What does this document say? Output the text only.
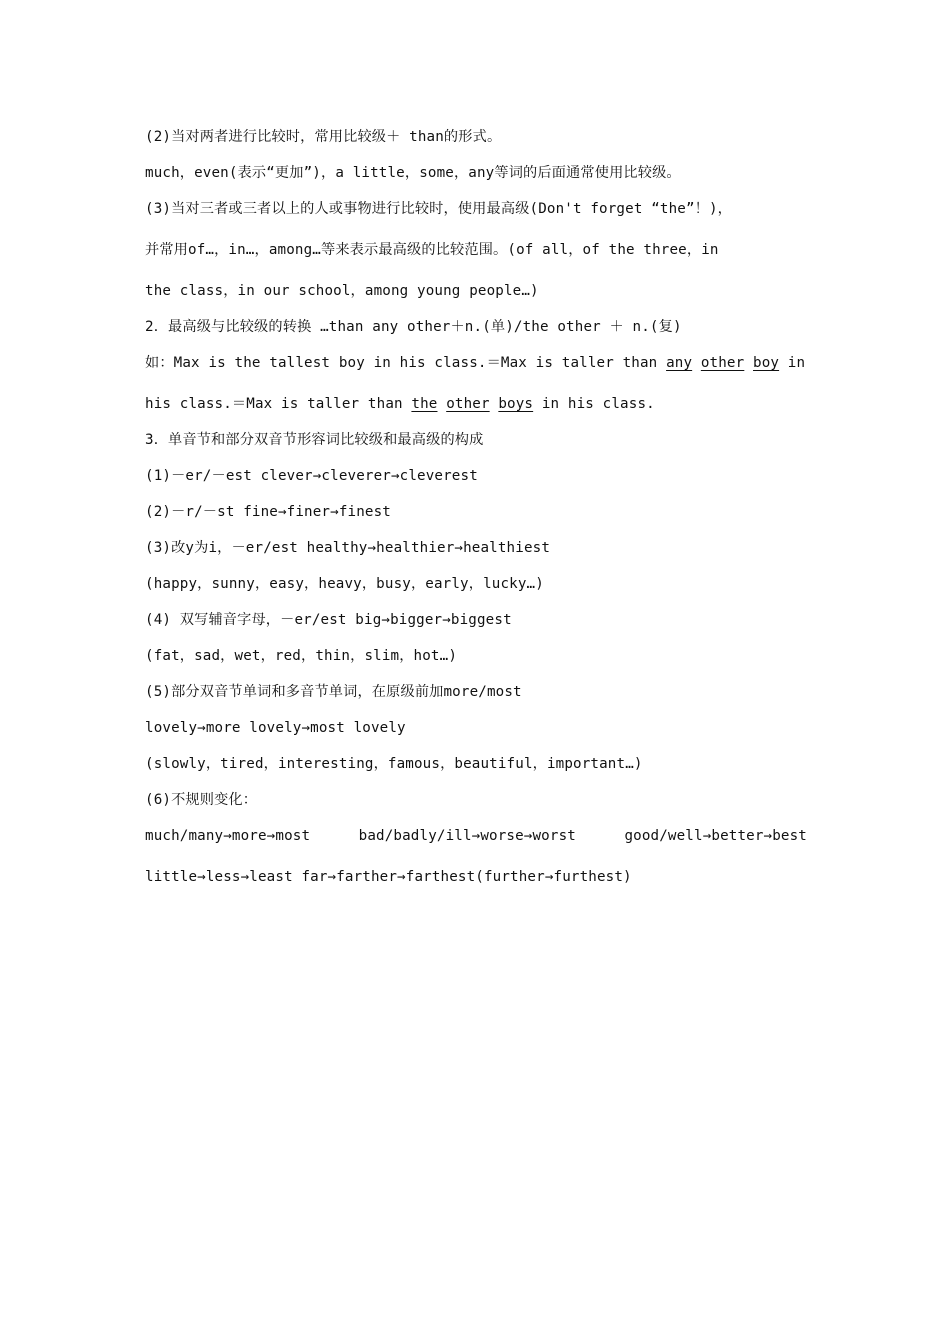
(2)当对两者进行比较时，常用比较级＋ than的形式。
much，even(表示“更加”)，a little，some，any等词的后面通常使用比较级。
(3)当对三者或三者以上的人或事物进行比较时，使用最高级(Don't forget “the”！)，
并常用of…，in…，among…等来表示最高级的比较范围。(of all，of the three，in
the class，in our school，among young people…)
2．最高级与比较级的转换 …than any other＋n.(单)/the other ＋ n.(复)
如：Max is the tallest boy in his class.＝Max is taller than any other boy in
his class.＝Max is taller than the other boys in his class.
3．单音节和部分双音节形容词比较级和最高级的构成
(1)－er/－est clever→cleverer→cleverest
(2)－r/－st fine→finer→finest
(3)改y为i，－er/est healthy→healthier→healthiest
(happy，sunny，easy，heavy，busy，early，lucky…)
(4) 双写辅音字母，－er/est big→bigger→biggest
(fat，sad，wet，red，thin，slim，hot…)
(5)部分双音节单词和多音节单词，在原级前加more/most
lovely→more lovely→most lovely
(slowly，tired，interesting，famous，beautiful，important…)
(6)不规则变化：
much/many→more→most	bad/badly/ill→worse→worst	good/well→better→best
little→less→least far→farther→farthest(further→furthest)
